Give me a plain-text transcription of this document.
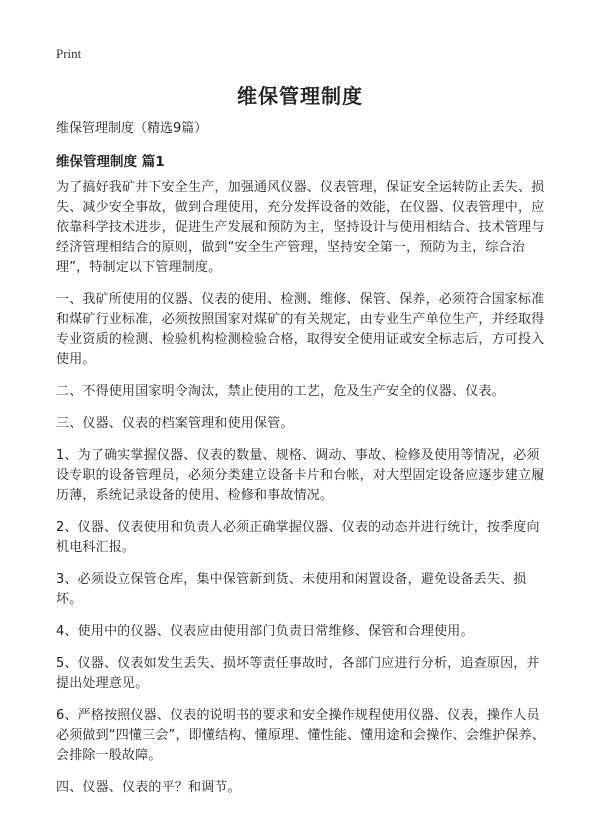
Print
维保管理制度

维保管理制度（精选9篇）

维保管理制度 篇1

为了搞好我矿井下安全生产，加强通风仪器、仪表管理，保证安全运转防止丢失、损失、减少安全事故，做到合理使用，充分发挥设备的效能，在仪器、仪表管理中，应依靠科学技术进步，促进生产发展和预防为主，坚持设计与使用相结合、技术管理与经济管理相结合的原则，做到“安全生产管理，坚持安全第一，预防为主，综合治理”，特制定以下管理制度。

一、我矿所使用的仪器、仪表的使用、检测、维修、保管、保养，必须符合国家标准和煤矿行业标准，必须按照国家对煤矿的有关规定，由专业生产单位生产，并经取得专业资质的检测、检验机构检测检验合格，取得安全使用证或安全标志后，方可投入使用。

二、不得使用国家明令淘汰，禁止使用的工艺，危及生产安全的仪器、仪表。

三、仪器、仪表的档案管理和使用保管。

1、为了确实掌握仪器、仪表的数量、规格、调动、事故、检修及使用等情况，必须设专职的设备管理员，必须分类建立设备卡片和台帐，对大型固定设备应逐步建立履历薄，系统记录设备的使用、检修和事故情况。

2、仪器、仪表使用和负责人必须正确掌握仪器、仪表的动态并进行统计，按季度向机电科汇报。

3、必须设立保管仓库，集中保管新到货、未使用和闲置设备，避免设备丢失、损坏。

4、使用中的仪器、仪表应由使用部门负责日常维修、保管和合理使用。

5、仪器、仪表如发生丢失、损坏等责任事故时，各部门应进行分析，追查原因，并提出处理意见。

6、严格按照仪器、仪表的说明书的要求和安全操作规程使用仪器、仪表，操作人员必须做到“四懂三会”，即懂结构、懂原理、懂性能、懂用途和会操作、会维护保养、会排除一般故障。

四、仪器、仪表的平？和调节。
